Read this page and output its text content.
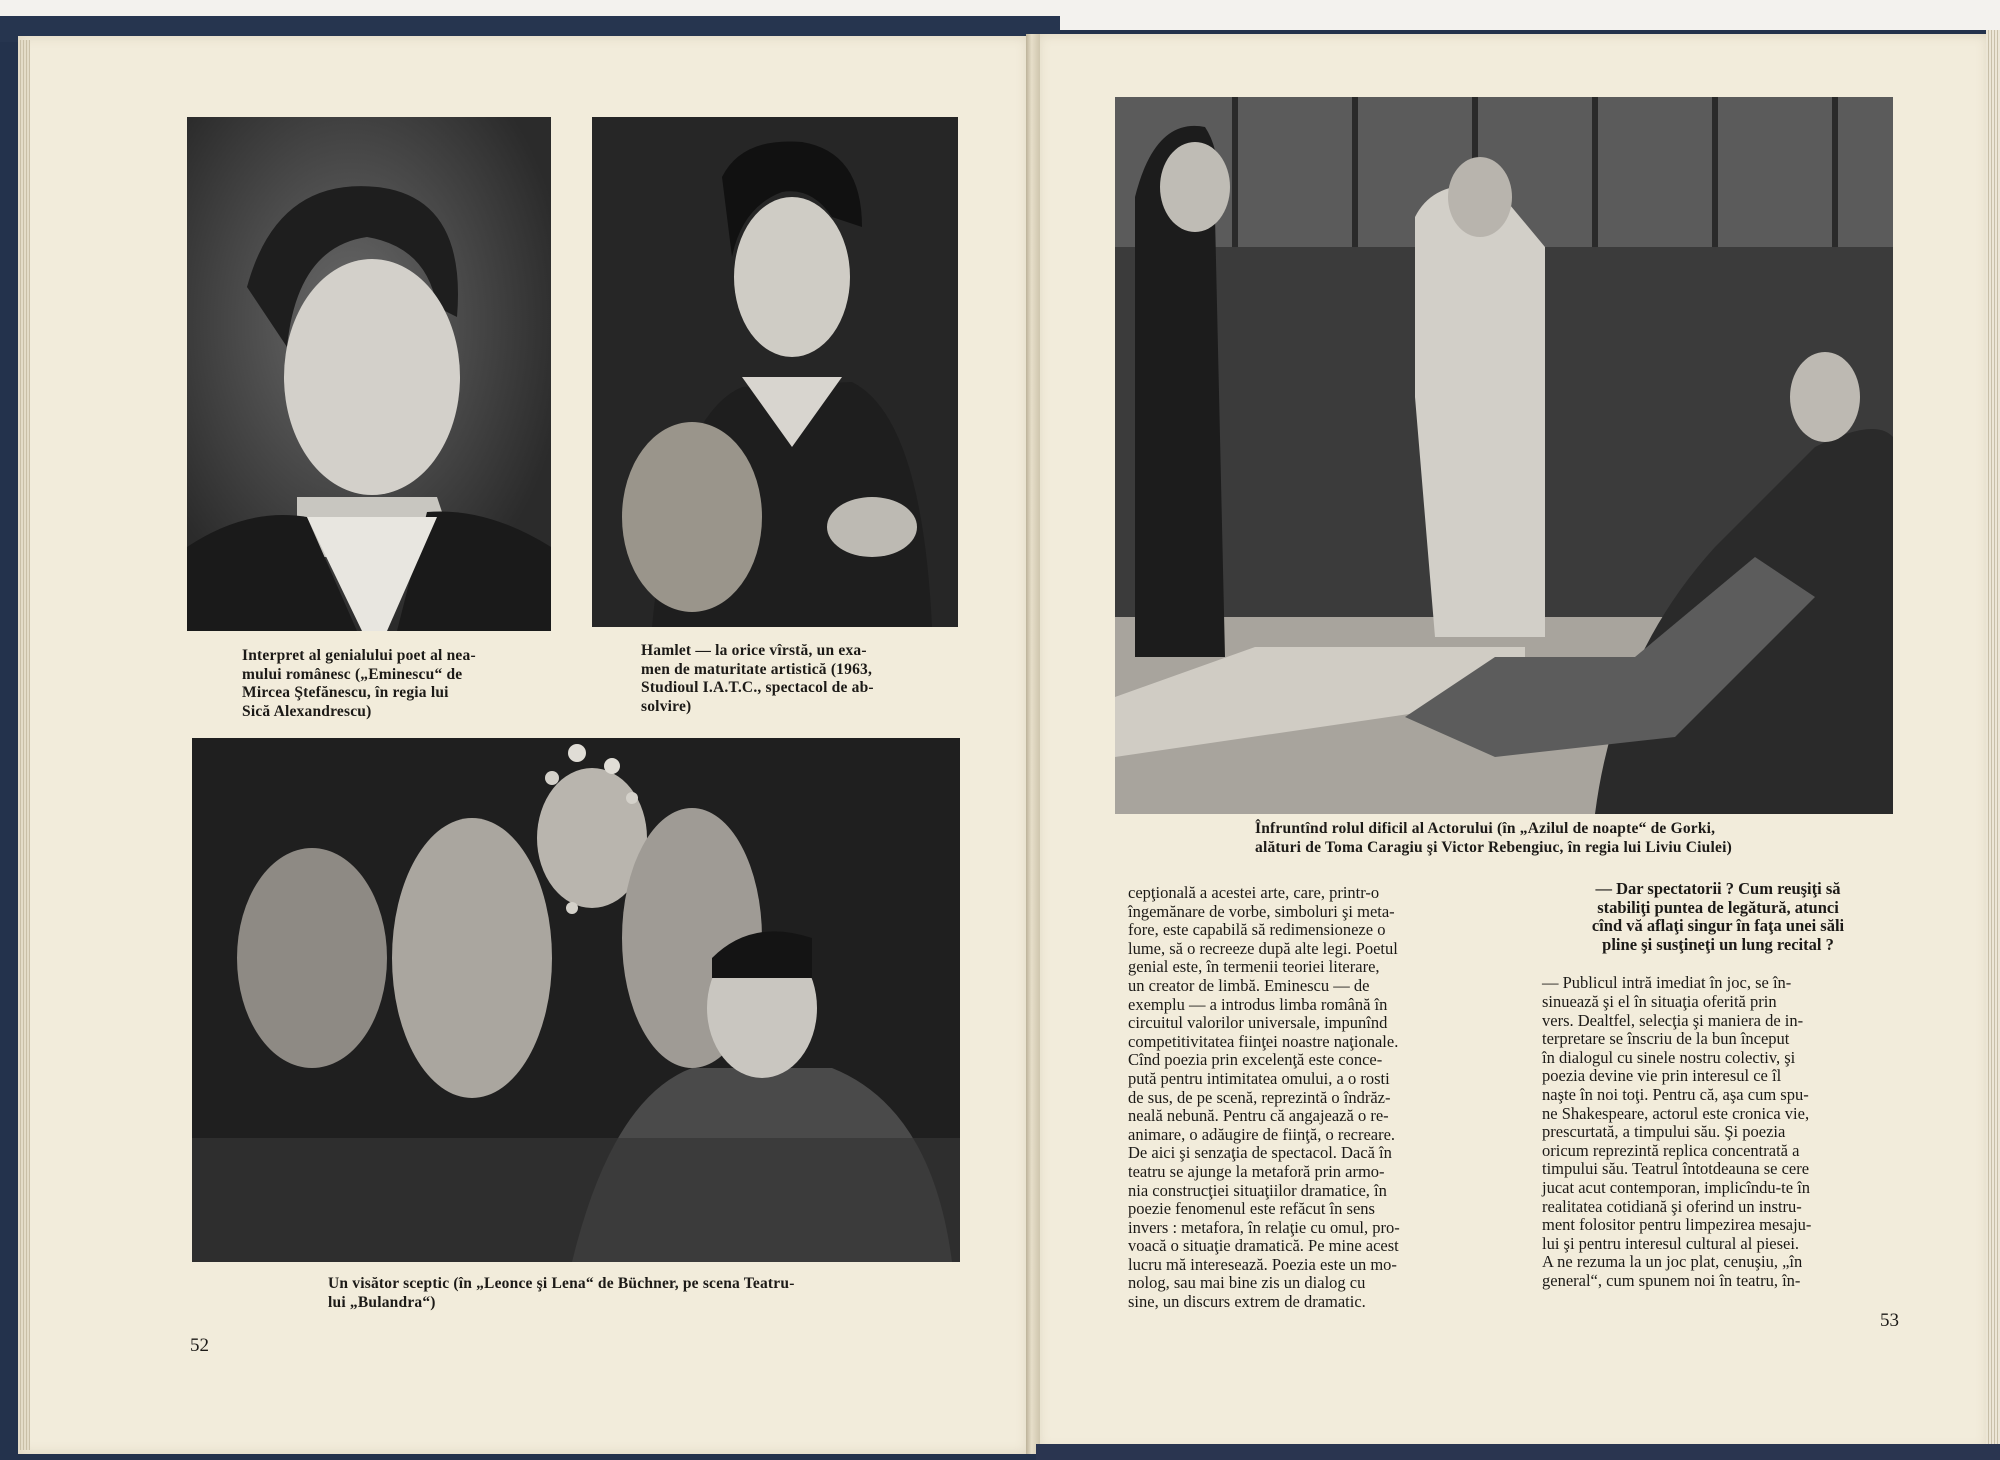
Interpret al genialului poet al nea-
mului românesc („Eminescu“ de
Mircea Ştefănescu, în regia lui
Sică Alexandrescu)
Hamlet — la orice vîrstă, un exa-
men de maturitate artistică (1963,
Studioul I.A.T.C., spectacol de ab-
solvire)
Un visător sceptic (în „Leonce şi Lena“ de Büchner, pe scena Teatru-
lui „Bulandra“)
52
Înfruntînd rolul dificil al Actorului (în „Azilul de noapte“ de Gorki,
alături de Toma Caragiu şi Victor Rebengiuc, în regia lui Liviu Ciulei)

cepţională a acestei arte, care, printr-o
îngemănare de vorbe, simboluri şi meta-
fore, este capabilă să redimensioneze o
lume, să o recreeze după alte legi. Poetul
genial este, în termenii teoriei literare,
un creator de limbă. Eminescu — de
exemplu — a introdus limba română în
circuitul valorilor universale, impunînd
competitivitatea fiinţei noastre naţionale.
Cînd poezia prin excelenţă este conce-
pută pentru intimitatea omului, a o rosti
de sus, de pe scenă, reprezintă o îndrăz-
neală nebună. Pentru că angajează o re-
animare, o adăugire de fiinţă, o recreare.
De aici şi senzaţia de spectacol. Dacă în
teatru se ajunge la metaforă prin armo-
nia construcţiei situaţiilor dramatice, în
poezie fenomenul este refăcut în sens
invers : metafora, în relaţie cu omul, pro-
voacă o situaţie dramatică. Pe mine acest
lucru mă interesează. Poezia este un mo-
nolog, sau mai bine zis un dialog cu
sine, un discurs extrem de dramatic.

— Dar spectatorii ? Cum reuşiţi să
stabiliţi puntea de legătură, atunci
cînd vă aflaţi singur în faţa unei săli
pline şi susţineţi un lung recital ?

— Publicul intră imediat în joc, se în-
sinuează şi el în situaţia oferită prin
vers. Dealtfel, selecţia şi maniera de in-
terpretare se înscriu de la bun început
în dialogul cu sinele nostru colectiv, şi
poezia devine vie prin interesul ce îl
naşte în noi toţi. Pentru că, aşa cum spu-
ne Shakespeare, actorul este cronica vie,
prescurtată, a timpului său. Şi poezia
oricum reprezintă replica concentrată a
timpului său. Teatrul întotdeauna se cere
jucat acut contemporan, implicîndu-te în
realitatea cotidiană şi oferind un instru-
ment folositor pentru limpezirea mesaju-
lui şi pentru interesul cultural al piesei.
A ne rezuma la un joc plat, cenuşiu, „în
general“, cum spunem noi în teatru, în-

53
